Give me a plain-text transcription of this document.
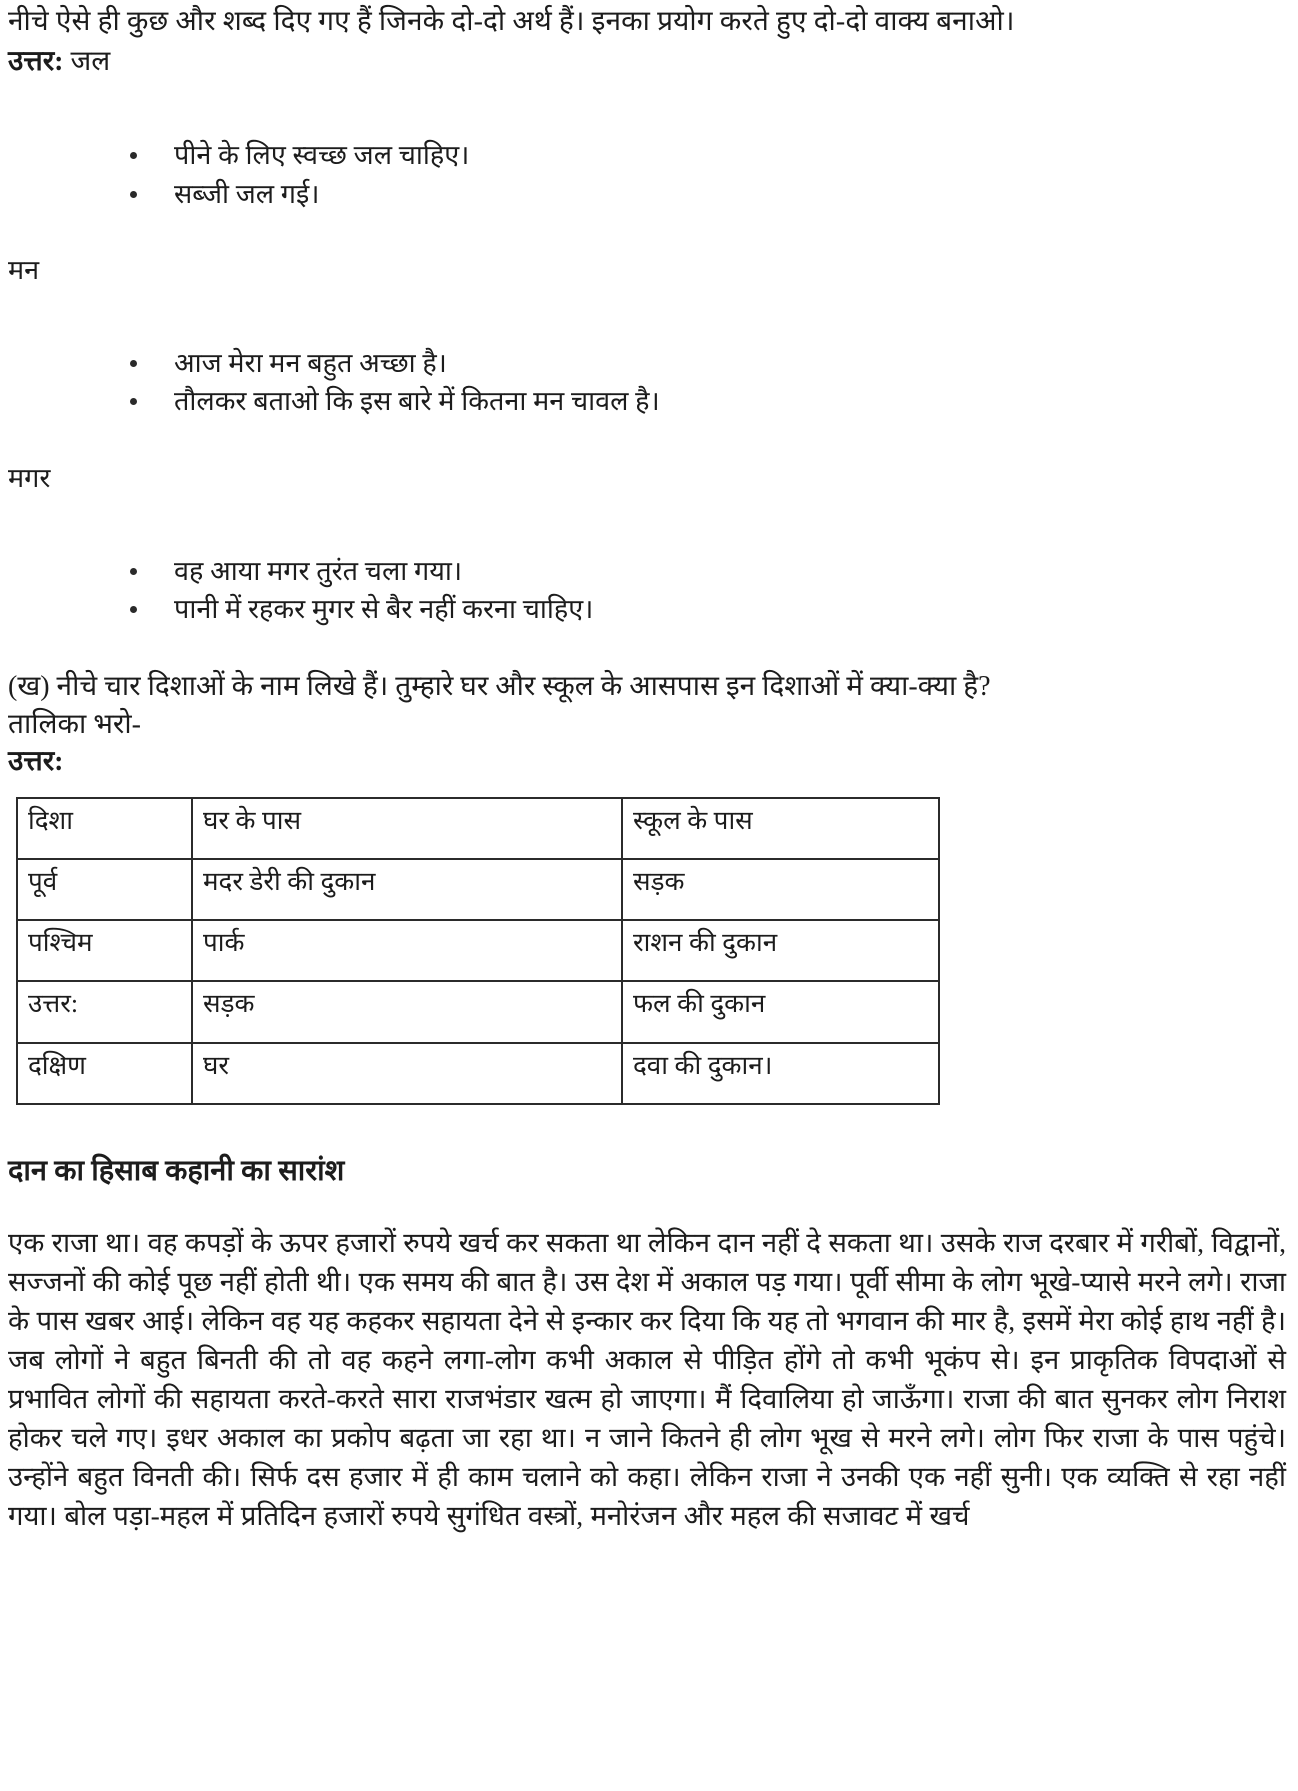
नीचे ऐसे ही कुछ और शब्द दिए गए हैं जिनके दो-दो अर्थ हैं। इनका प्रयोग करते हुए दो-दो वाक्य बनाओ।
उत्तर: जल
पीने के लिए स्वच्छ जल चाहिए।
सब्जी जल गई।
मन
आज मेरा मन बहुत अच्छा है।
तौलकर बताओ कि इस बारे में कितना मन चावल है।
मगर
वह आया मगर तुरंत चला गया।
पानी में रहकर मुगर से बैर नहीं करना चाहिए।
(ख) नीचे चार दिशाओं के नाम लिखे हैं। तुम्हारे घर और स्कूल के आसपास इन दिशाओं में क्या-क्या है?
तालिका भरो-
उत्तर:
दिशा	घर के पास	स्कूल के पास
पूर्व	मदर डेरी की दुकान	सड़क
पश्चिम	पार्क	राशन की दुकान
उत्तर:	सड़क	फल की दुकान
दक्षिण	घर	दवा की दुकान।
दान का हिसाब कहानी का सारांश

एक राजा था। वह कपड़ों के ऊपर हजारों रुपये खर्च कर सकता था लेकिन दान नहीं दे सकता था। उसके राज दरबार में गरीबों, विद्वानों, सज्जनों की कोई पूछ नहीं होती थी। एक समय की बात है। उस देश में अकाल पड़ गया। पूर्वी सीमा के लोग भूखे-प्यासे मरने लगे। राजा के पास खबर आई। लेकिन वह यह कहकर सहायता देने से इन्कार कर दिया कि यह तो भगवान की मार है, इसमें मेरा कोई हाथ नहीं है। जब लोगों ने बहुत बिनती की तो वह कहने लगा-लोग कभी अकाल से पीड़ित होंगे तो कभी भूकंप से। इन प्राकृतिक विपदाओं से प्रभावित लोगों की सहायता करते-करते सारा राजभंडार खत्म हो जाएगा। मैं दिवालिया हो जाऊँगा। राजा की बात सुनकर लोग निराश होकर चले गए। इधर अकाल का प्रकोप बढ़ता जा रहा था। न जाने कितने ही लोग भूख से मरने लगे। लोग फिर राजा के पास पहुंचे। उन्होंने बहुत विनती की। सिर्फ दस हजार में ही काम चलाने को कहा। लेकिन राजा ने उनकी एक नहीं सुनी। एक व्यक्ति से रहा नहीं गया। बोल पड़ा-महल में प्रतिदिन हजारों रुपये सुगंधित वस्त्रों, मनोरंजन और महल की सजावट में खर्च
